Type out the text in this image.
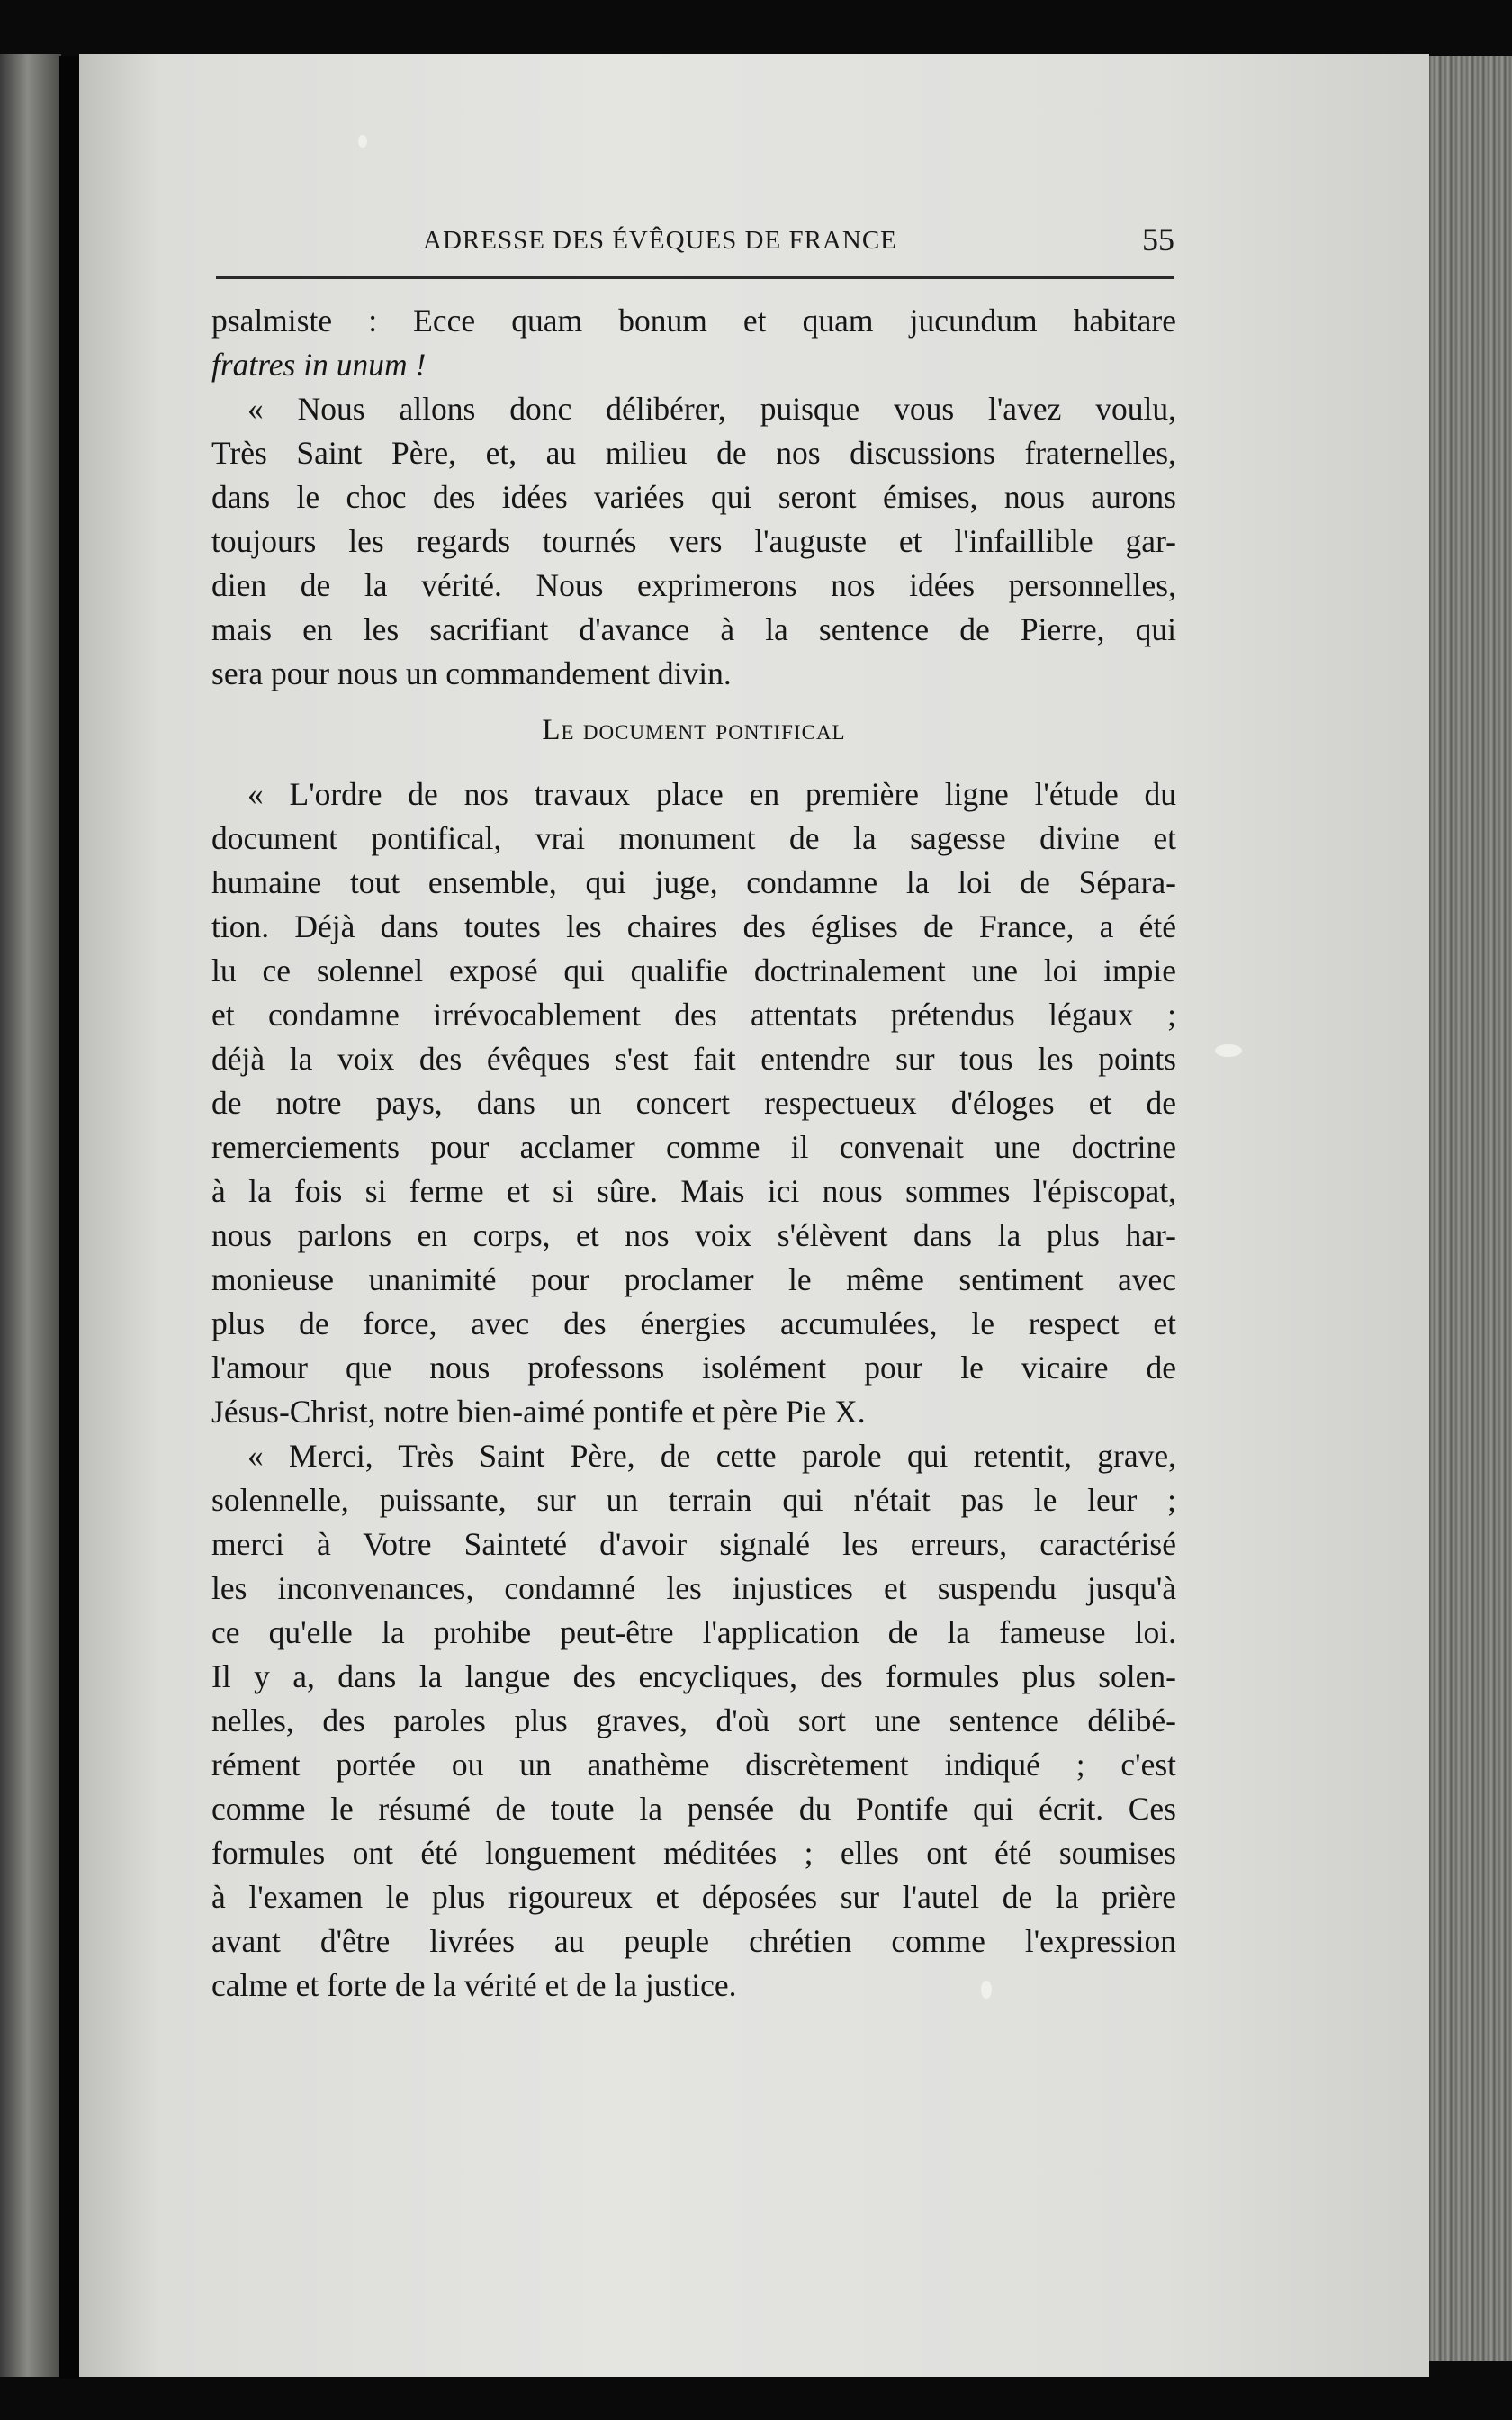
ADRESSE DES ÉVÊQUES DE FRANCE	55
psalmiste : Ecce quam bonum et quam jucundum habitare
fratres in unum !
« Nous allons donc délibérer, puisque vous l'avez voulu,
Très Saint Père, et, au milieu de nos discussions fraternelles,
dans le choc des idées variées qui seront émises, nous aurons
toujours les regards tournés vers l'auguste et l'infaillible gar-
dien de la vérité. Nous exprimerons nos idées personnelles,
mais en les sacrifiant d'avance à la sentence de Pierre, qui
sera pour nous un commandement divin.
Le document pontifical
« L'ordre de nos travaux place en première ligne l'étude du
document pontifical, vrai monument de la sagesse divine et
humaine tout ensemble, qui juge, condamne la loi de Sépara-
tion. Déjà dans toutes les chaires des églises de France, a été
lu ce solennel exposé qui qualifie doctrinalement une loi impie
et condamne irrévocablement des attentats prétendus légaux ;
déjà la voix des évêques s'est fait entendre sur tous les points
de notre pays, dans un concert respectueux d'éloges et de
remerciements pour acclamer comme il convenait une doctrine
à la fois si ferme et si sûre. Mais ici nous sommes l'épiscopat,
nous parlons en corps, et nos voix s'élèvent dans la plus har-
monieuse unanimité pour proclamer le même sentiment avec
plus de force, avec des énergies accumulées, le respect et
l'amour que nous professons isolément pour le vicaire de
Jésus-Christ, notre bien-aimé pontife et père Pie X.
« Merci, Très Saint Père, de cette parole qui retentit, grave,
solennelle, puissante, sur un terrain qui n'était pas le leur ;
merci à Votre Sainteté d'avoir signalé les erreurs, caractérisé
les inconvenances, condamné les injustices et suspendu jusqu'à
ce qu'elle la prohibe peut-être l'application de la fameuse loi.
Il y a, dans la langue des encycliques, des formules plus solen-
nelles, des paroles plus graves, d'où sort une sentence délibé-
rément portée ou un anathème discrètement indiqué ; c'est
comme le résumé de toute la pensée du Pontife qui écrit. Ces
formules ont été longuement méditées ; elles ont été soumises
à l'examen le plus rigoureux et déposées sur l'autel de la prière
avant d'être livrées au peuple chrétien comme l'expression
calme et forte de la vérité et de la justice.
